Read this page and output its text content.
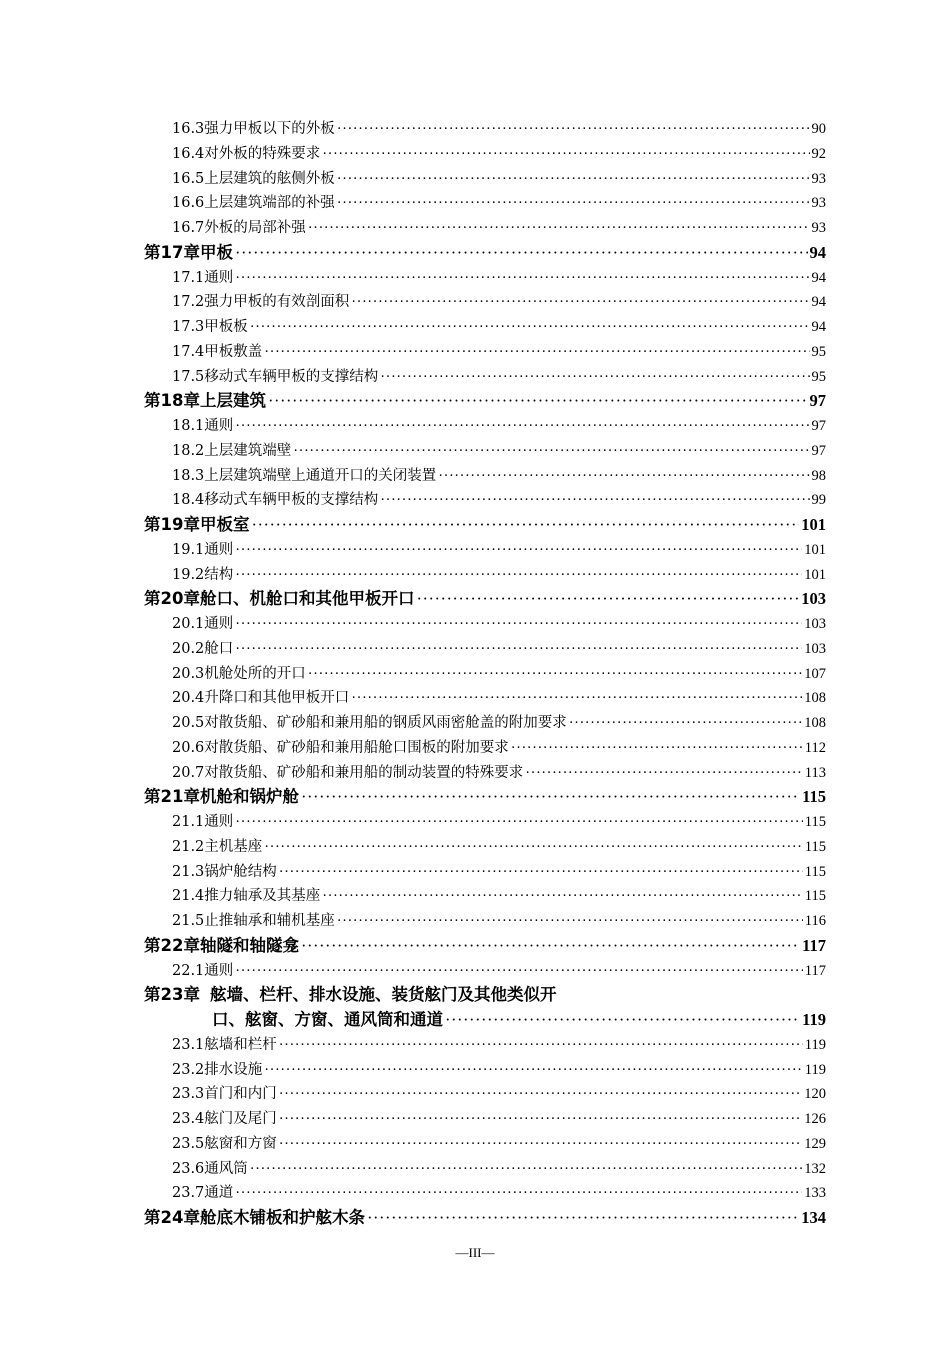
16.3 强力甲板以下的外板 ·····	90
16.4 对外板的特殊要求 ·····	92
16.5 上层建筑的舷侧外板 ·····	93
16.6 上层建筑端部的补强 ·····	93
16.7 外板的局部补强 ·····	93
第17章 甲板 ·····	94
17.1 通则 ·····	94
17.2 强力甲板的有效剖面积 ·····	94
17.3 甲板板 ·····	94
17.4 甲板敷盖 ·····	95
17.5 移动式车辆甲板的支撑结构 ·····	95
第18章 上层建筑 ·····	97
18.1 通则 ·····	97
18.2 上层建筑端壁 ·····	97
18.3 上层建筑端壁上通道开口的关闭装置 ·····	98
18.4 移动式车辆甲板的支撑结构 ·····	99
第19章 甲板室 ·····	101
19.1 通则 ·····	101
19.2 结构 ·····	101
第20章 舱口、机舱口和其他甲板开口 ·····	103
20.1 通则 ·····	103
20.2 舱口 ·····	103
20.3 机舱处所的开口 ·····	107
20.4 升降口和其他甲板开口 ·····	108
20.5 对散货船、矿砂船和兼用船的钢质风雨密舱盖的附加要求 ·····	108
20.6 对散货船、矿砂船和兼用船舱口围板的附加要求 ·····	112
20.7 对散货船、矿砂船和兼用船的制动装置的特殊要求 ·····	113
第21章 机舱和锅炉舱 ·····	115
21.1 通则 ·····	115
21.2 主机基座 ·····	115
21.3 锅炉舱结构 ·····	115
21.4 推力轴承及其基座 ·····	115
21.5 止推轴承和辅机基座 ·····	116
第22章 轴隧和轴隧龛 ·····	117
22.1 通则 ·····	117
第23章 舷墙、栏杆、排水设施、装货舷门及其他类似开
口、舷窗、方窗、通风筒和通道 ·····	119
23.1 舷墙和栏杆 ·····	119
23.2 排水设施 ·····	119
23.3 首门和内门 ·····	120
23.4 舷门及尾门 ·····	126
23.5 舷窗和方窗 ·····	129
23.6 通风筒 ·····	132
23.7 通道 ·····	133
第24章 舱底木铺板和护舷木条 ·····	134
—III—
